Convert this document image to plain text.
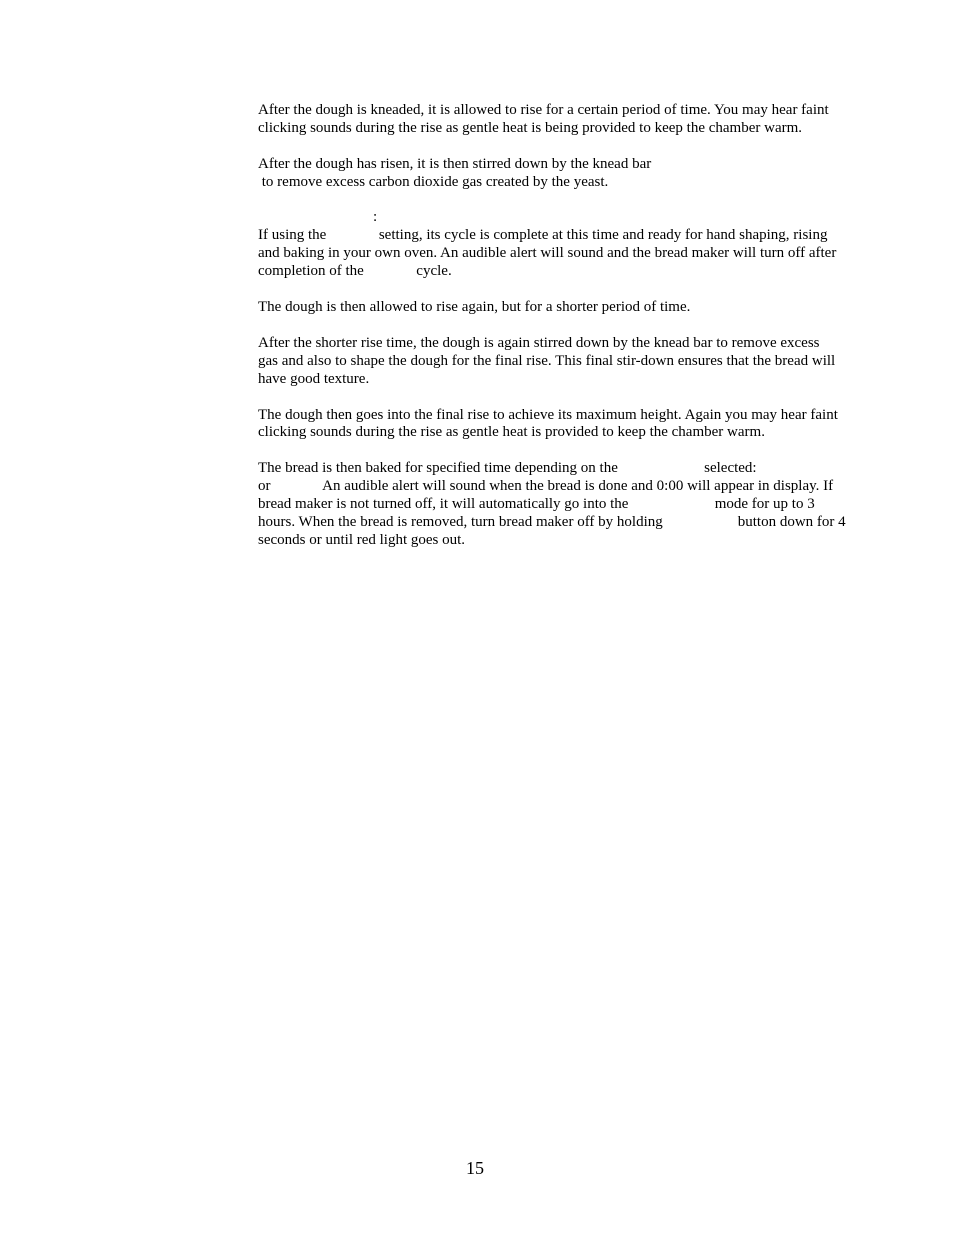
After the dough is kneaded, it is allowed to rise for a certain period of time. You may hear faint
clicking sounds during the rise as gentle heat is being provided to keep the chamber warm.
After the dough has risen, it is then stirred down by the knead bar
to remove excess carbon dioxide gas created by the yeast.
:
If using the              setting, its cycle is complete at this time and ready for hand shaping, rising
and baking in your own oven. An audible alert will sound and the bread maker will turn off after
completion of the              cycle.
The dough is then allowed to rise again, but for a shorter period of time.
After the shorter rise time, the dough is again stirred down by the knead bar to remove excess
gas and also to shape the dough for the final rise. This final stir-down ensures that the bread will
have good texture.
The dough then goes into the final rise to achieve its maximum height. Again you may hear faint
clicking sounds during the rise as gentle heat is provided to keep the chamber warm.
The bread is then baked for specified time depending on the                       selected:
or              An audible alert will sound when the bread is done and 0:00 will appear in display. If
bread maker is not turned off, it will automatically go into the                       mode for up to 3
hours. When the bread is removed, turn bread maker off by holding                    button down for 4
seconds or until red light goes out.
15
